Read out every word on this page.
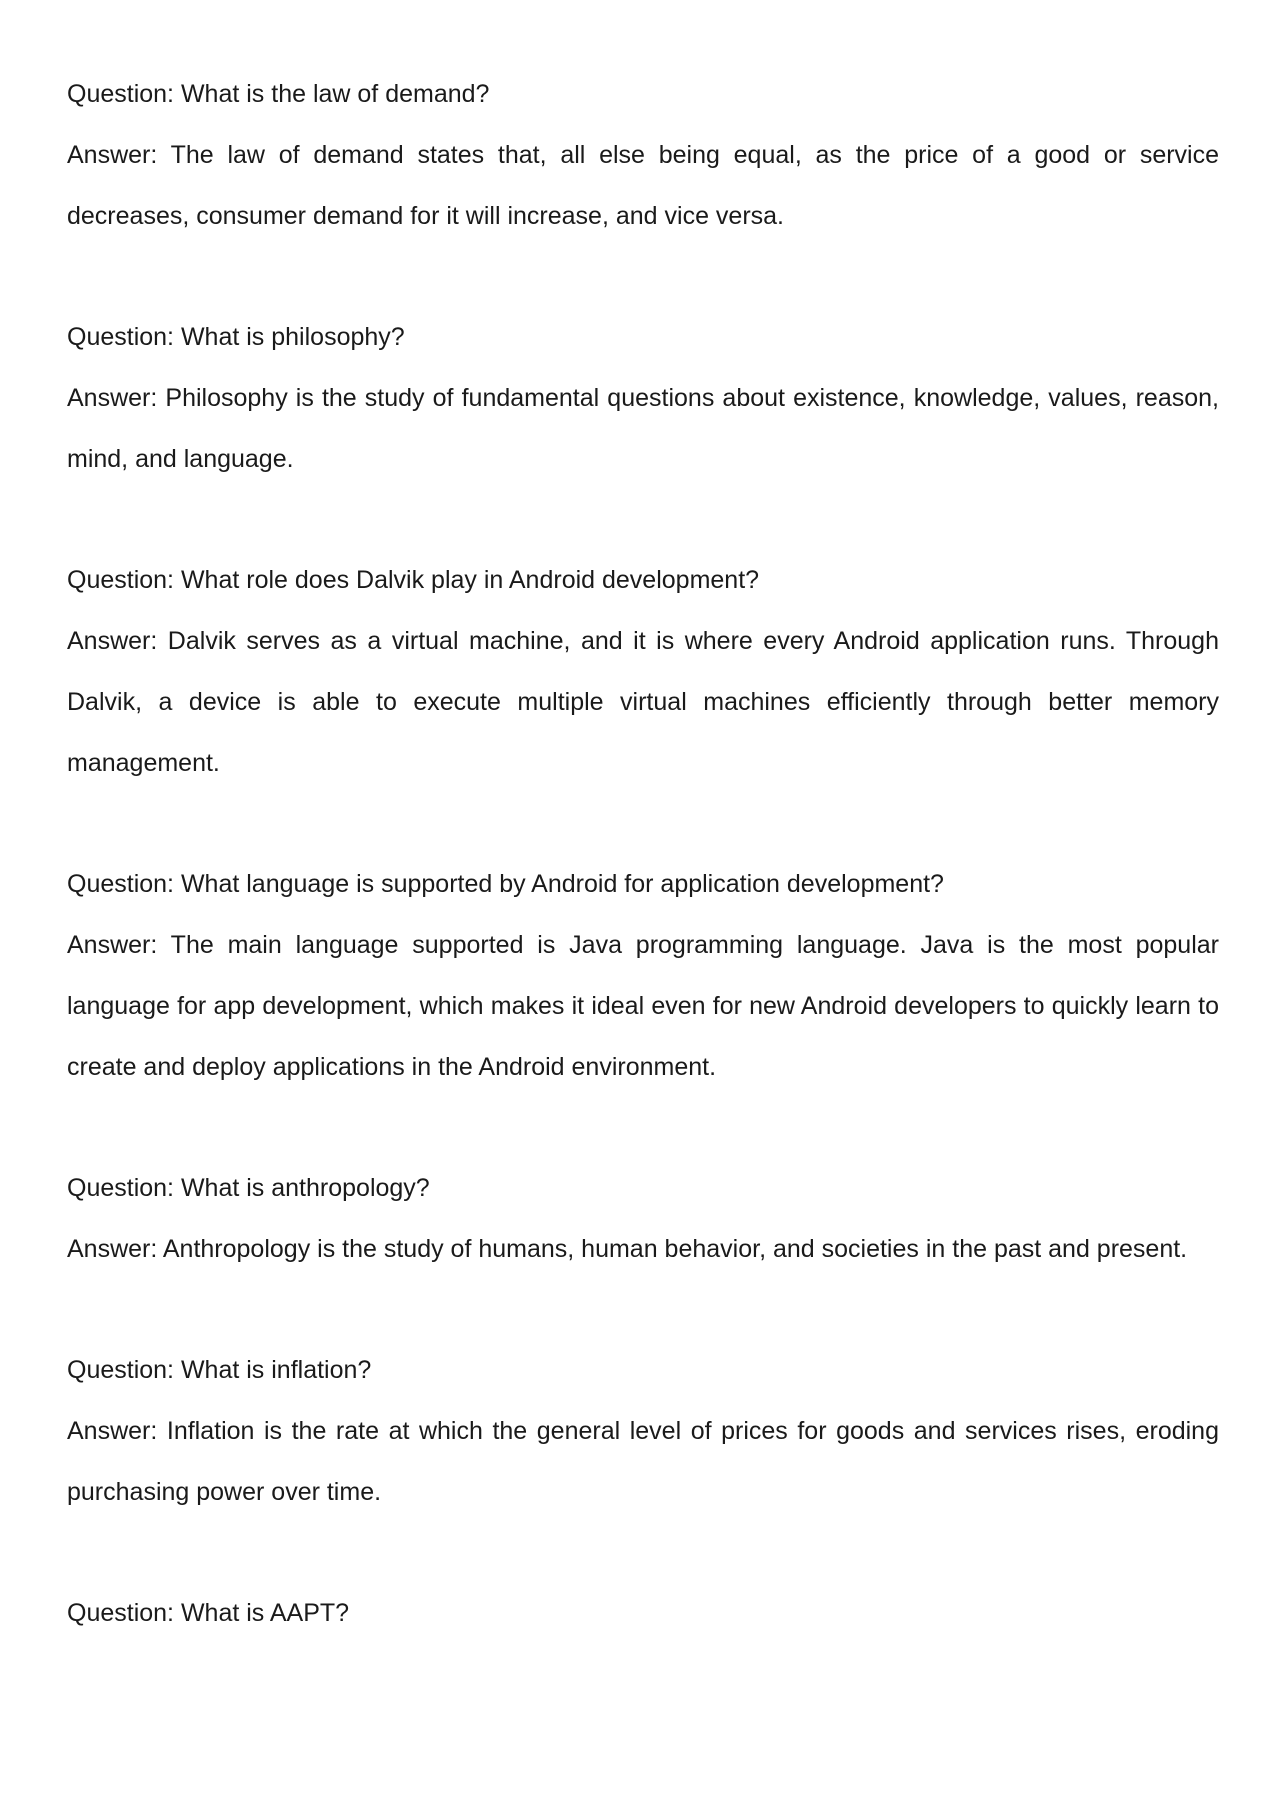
Question: What is the law of demand?

Answer: The law of demand states that, all else being equal, as the price of a good or service decreases, consumer demand for it will increase, and vice versa.

Question: What is philosophy?

Answer: Philosophy is the study of fundamental questions about existence, knowledge, values, reason, mind, and language.

Question: What role does Dalvik play in Android development?

Answer: Dalvik serves as a virtual machine, and it is where every Android application runs. Through Dalvik, a device is able to execute multiple virtual machines efficiently through better memory management.

Question: What language is supported by Android for application development?

Answer: The main language supported is Java programming language. Java is the most popular language for app development, which makes it ideal even for new Android developers to quickly learn to create and deploy applications in the Android environment.

Question: What is anthropology?

Answer: Anthropology is the study of humans, human behavior, and societies in the past and present.

Question: What is inflation?

Answer: Inflation is the rate at which the general level of prices for goods and services rises, eroding purchasing power over time.

Question: What is AAPT?
